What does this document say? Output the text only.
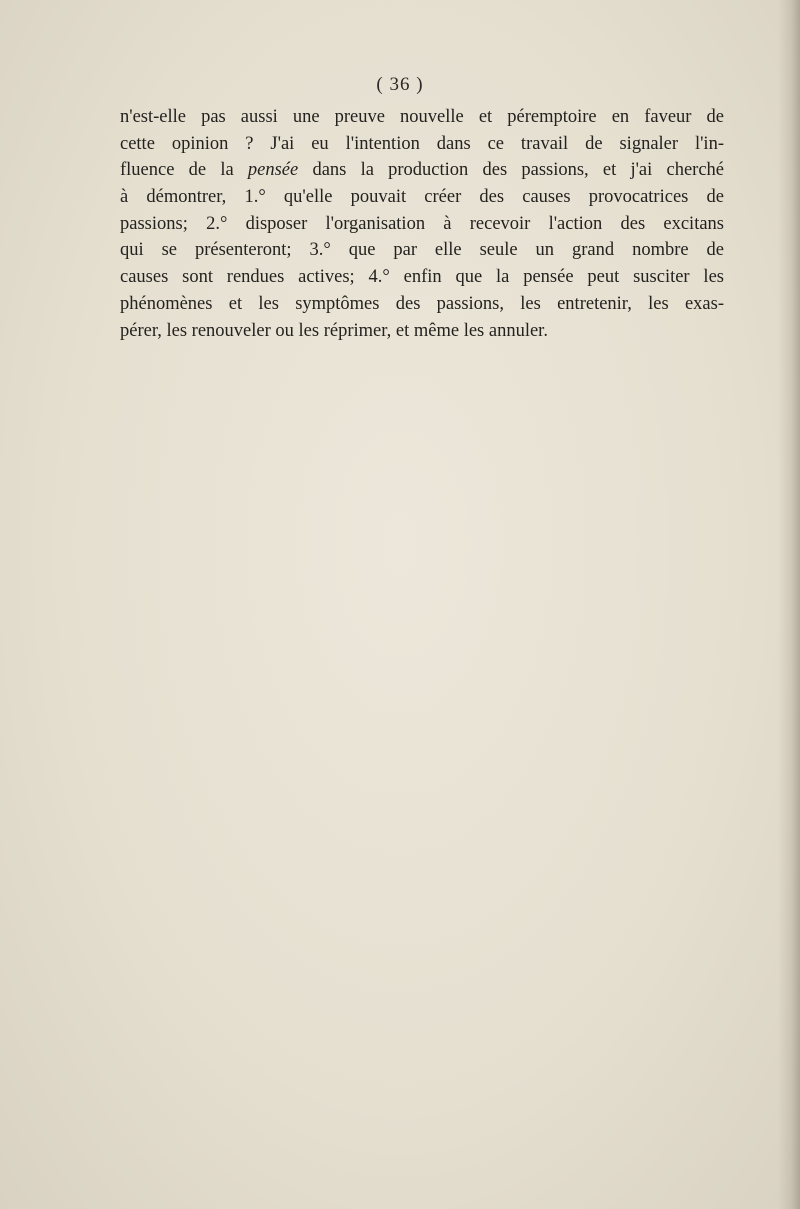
( 36 )
n'est-elle pas aussi une preuve nouvelle et péremptoire en faveur de
cette opinion ? J'ai eu l'intention dans ce travail de signaler l'in-
fluence de la pensée dans la production des passions, et j'ai cherché
à démontrer, 1.° qu'elle pouvait créer des causes provocatrices de
passions; 2.° disposer l'organisation à recevoir l'action des excitans
qui se présenteront; 3.° que par elle seule un grand nombre de
causes sont rendues actives; 4.° enfin que la pensée peut susciter les
phénomènes et les symptômes des passions, les entretenir, les exas-
pérer, les renouveler ou les réprimer, et même les annuler.
